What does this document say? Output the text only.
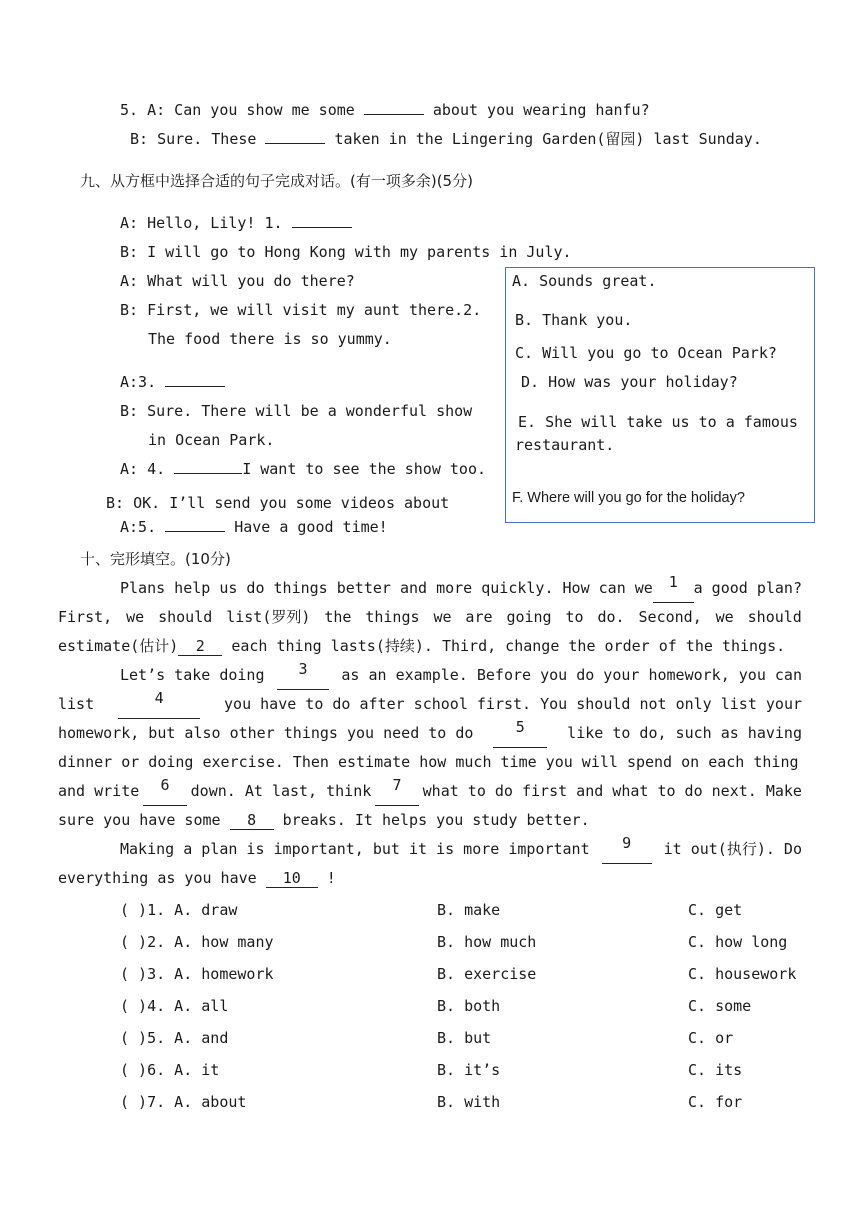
5. A: Can you show me some	about you wearing hanfu?
B: Sure. These	taken in the Lingering Garden(留园) last Sunday.
九、从方框中选择合适的句子完成对话。(有一项多余)(5分)
A: Hello, Lily! 1.
B: I will go to Hong Kong with my parents in July.
A: What will you do there?
B: First, we will visit my aunt there.2.
The food there is so yummy.
A:3.
B: Sure. There will be a wonderful show
in Ocean Park.
A: 4.	I want to see the show too.
B: OK. I’ll send you some videos about
A:5.	Have a good time!
A. Sounds great.
B. Thank you.
C. Will you go to Ocean Park?
D. How was your holiday?
E. She will take us to a famous
restaurant.
F. Where will you go for the holiday?
十、完形填空。(10分)
Plans help us do things better and more quickly. How can we	1	a good plan?
First, we should list(罗列) the things we are going to do. Second, we should
estimate(估计) 2 each thing lasts(持续). Third, change the order of the things.
Let’s take doing	3	as an example. Before you do your homework, you can
list	4	you have to do after school first. You should not only list your
homework, but also other things you need to do	5	like to do, such as having
dinner or doing exercise. Then estimate how much time you will spend on each thing
and write	6	down. At last, think	7	what to do first and what to do next. Make
sure you have some 8 breaks. It helps you study better.
Making a plan is important, but it is more important	9	it out(执行). Do
everything as you have 10 !
( )1. A. draw	B. make	C. get
( )2. A. how many	B. how much	C. how long
( )3. A. homework	B. exercise	C. housework
( )4. A. all	B. both	C. some
( )5. A. and	B. but	C. or
( )6. A. it	B. it’s	C. its
( )7. A. about	B. with	C. for
